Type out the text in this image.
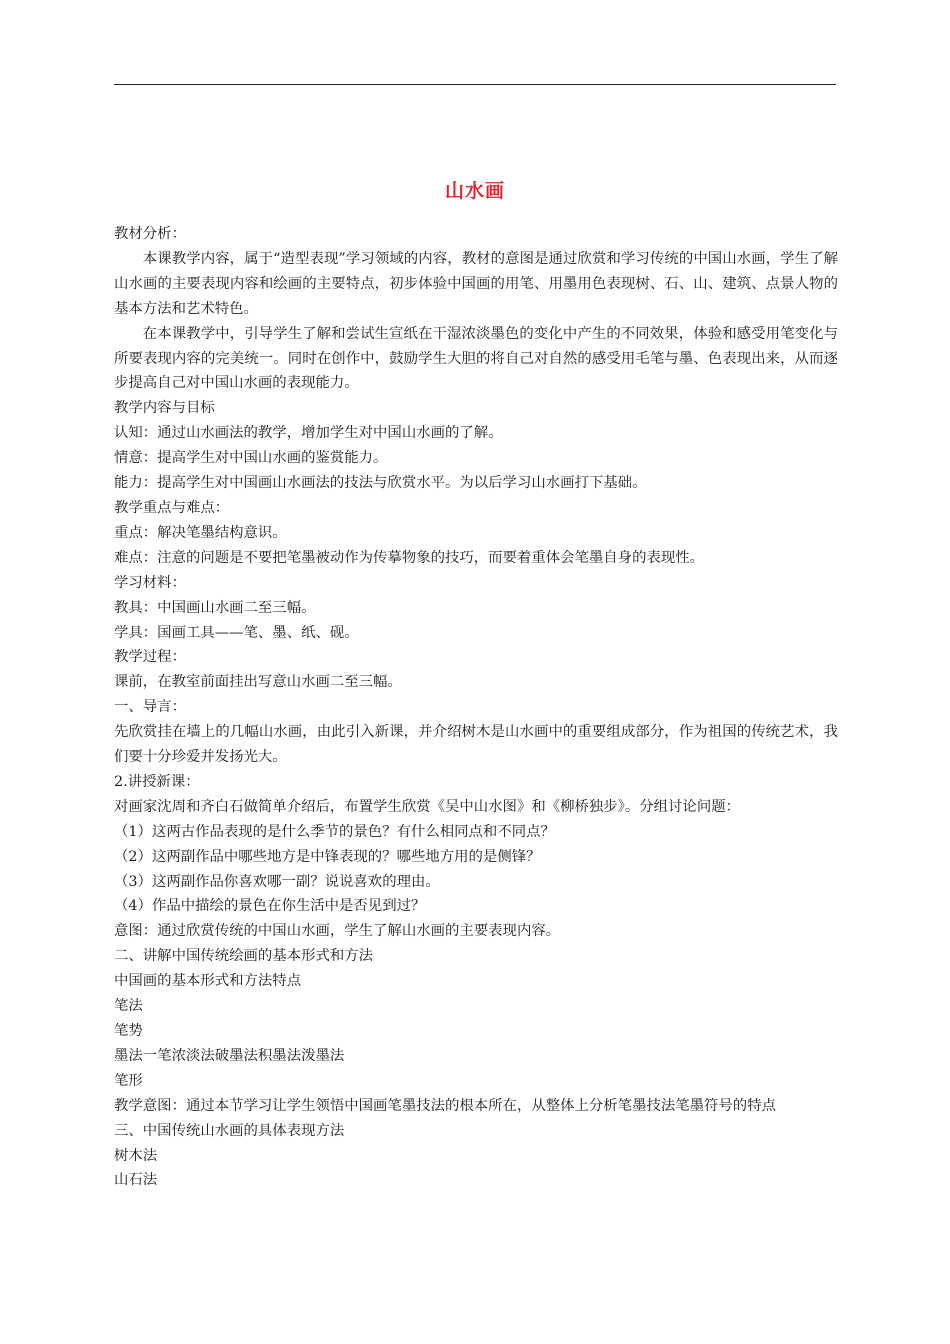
山水画

教材分析：

本课教学内容，属于“造型表现”学习领域的内容，教材的意图是通过欣赏和学习传统的中国山水画，学生了解山水画的主要表现内容和绘画的主要特点，初步体验中国画的用笔、用墨用色表现树、石、山、建筑、点景人物的基本方法和艺术特色。

在本课教学中，引导学生了解和尝试生宣纸在干湿浓淡墨色的变化中产生的不同效果，体验和感受用笔变化与所要表现内容的完美统一。同时在创作中，鼓励学生大胆的将自己对自然的感受用毛笔与墨、色表现出来，从而逐步提高自己对中国山水画的表现能力。

教学内容与目标

认知：通过山水画法的教学，增加学生对中国山水画的了解。

情意：提高学生对中国山水画的鉴赏能力。

能力：提高学生对中国画山水画法的技法与欣赏水平。为以后学习山水画打下基础。

教学重点与难点：

重点：解决笔墨结构意识。

难点：注意的问题是不要把笔墨被动作为传摹物象的技巧，而要着重体会笔墨自身的表现性。

学习材料：

教具：中国画山水画二至三幅。

学具：国画工具——笔、墨、纸、砚。

教学过程：

课前，在教室前面挂出写意山水画二至三幅。

一、导言：

先欣赏挂在墙上的几幅山水画，由此引入新课，并介绍树木是山水画中的重要组成部分，作为祖国的传统艺术，我们要十分珍爱并发扬光大。

2.讲授新课：

对画家沈周和齐白石做简单介绍后，布置学生欣赏《吴中山水图》和《柳桥独步》。分组讨论问题：

（1）这两古作品表现的是什么季节的景色？有什么相同点和不同点？

（2）这两副作品中哪些地方是中锋表现的？哪些地方用的是侧锋？

（3）这两副作品你喜欢哪一副？说说喜欢的理由。

（4）作品中描绘的景色在你生活中是否见到过？

意图：通过欣赏传统的中国山水画，学生了解山水画的主要表现内容。

二、讲解中国传统绘画的基本形式和方法

中国画的基本形式和方法特点

笔法

笔势

墨法一笔浓淡法破墨法积墨法泼墨法

笔形

教学意图：通过本节学习让学生领悟中国画笔墨技法的根本所在，从整体上分析笔墨技法笔墨符号的特点

三、中国传统山水画的具体表现方法

树木法

山石法
